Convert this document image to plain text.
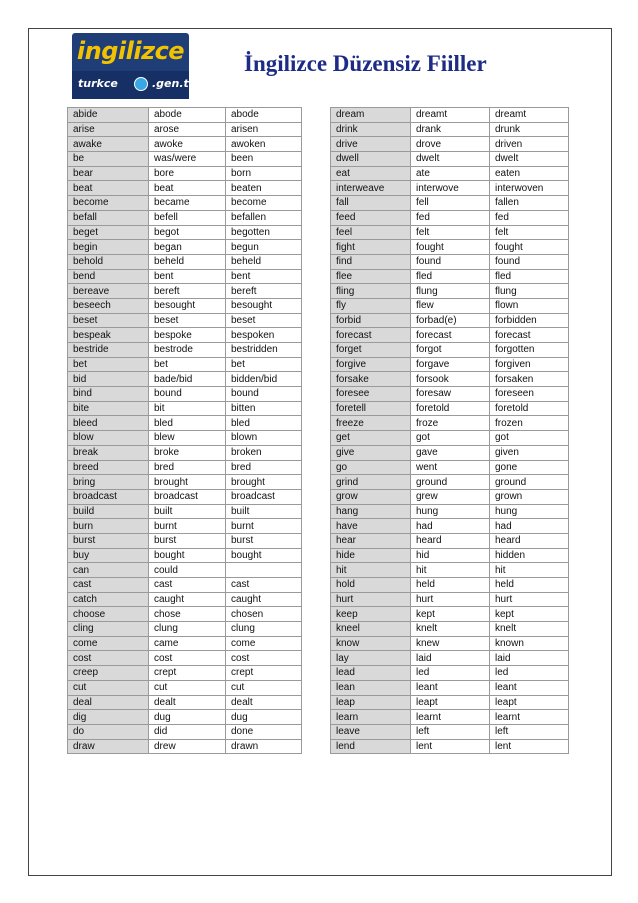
ingilizce
turkce	.gen.tr
İngilizce Düzensiz Fiiller
abide	abode	abode
arise	arose	arisen
awake	awoke	awoken
be	was/were	been
bear	bore	born
beat	beat	beaten
become	became	become
befall	befell	befallen
beget	begot	begotten
begin	began	begun
behold	beheld	beheld
bend	bent	bent
bereave	bereft	bereft
beseech	besought	besought
beset	beset	beset
bespeak	bespoke	bespoken
bestride	bestrode	bestridden
bet	bet	bet
bid	bade/bid	bidden/bid
bind	bound	bound
bite	bit	bitten
bleed	bled	bled
blow	blew	blown
break	broke	broken
breed	bred	bred
bring	brought	brought
broadcast	broadcast	broadcast
build	built	built
burn	burnt	burnt
burst	burst	burst
buy	bought	bought
can	could	
cast	cast	cast
catch	caught	caught
choose	chose	chosen
cling	clung	clung
come	came	come
cost	cost	cost
creep	crept	crept
cut	cut	cut
deal	dealt	dealt
dig	dug	dug
do	did	done
draw	drew	drawn
dream	dreamt	dreamt
drink	drank	drunk
drive	drove	driven
dwell	dwelt	dwelt
eat	ate	eaten
interweave	interwove	interwoven
fall	fell	fallen
feed	fed	fed
feel	felt	felt
fight	fought	fought
find	found	found
flee	fled	fled
fling	flung	flung
fly	flew	flown
forbid	forbad(e)	forbidden
forecast	forecast	forecast
forget	forgot	forgotten
forgive	forgave	forgiven
forsake	forsook	forsaken
foresee	foresaw	foreseen
foretell	foretold	foretold
freeze	froze	frozen
get	got	got
give	gave	given
go	went	gone
grind	ground	ground
grow	grew	grown
hang	hung	hung
have	had	had
hear	heard	heard
hide	hid	hidden
hit	hit	hit
hold	held	held
hurt	hurt	hurt
keep	kept	kept
kneel	knelt	knelt
know	knew	known
lay	laid	laid
lead	led	led
lean	leant	leant
leap	leapt	leapt
learn	learnt	learnt
leave	left	left
lend	lent	lent
